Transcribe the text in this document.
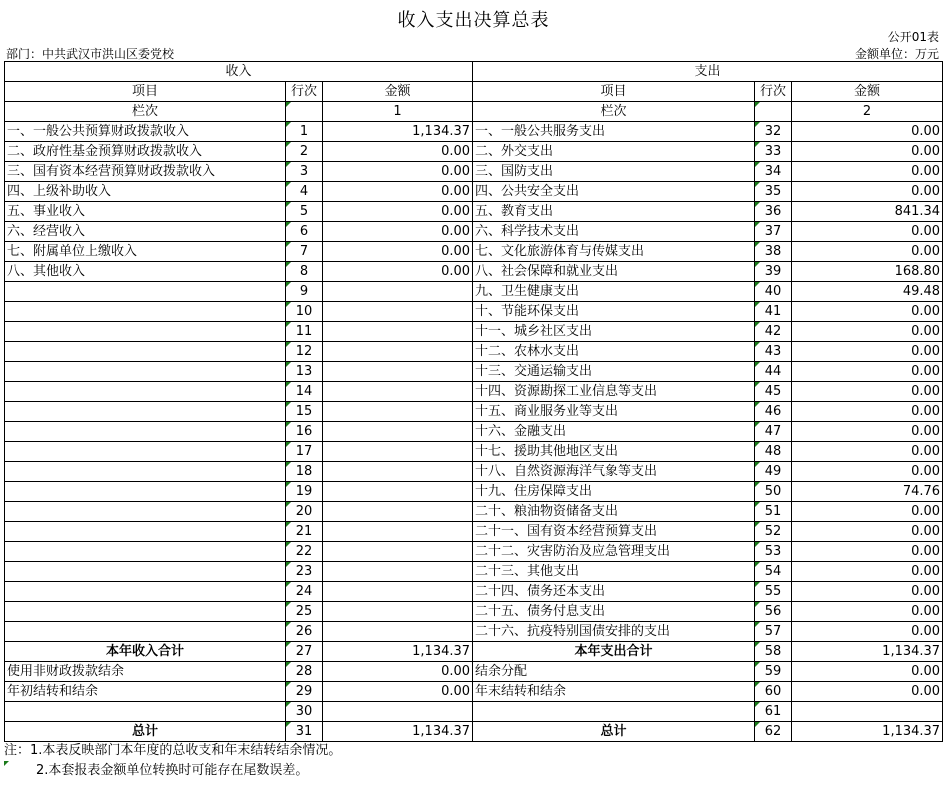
收入支出决算总表
公开01表
部门：中共武汉市洪山区委党校	金额单位：万元
收入			支出		
项目	行次	金额	项目	行次	金额
栏次		1	栏次		2
一、一般公共预算财政拨款收入	1	1,134.37	一、一般公共服务支出	32	0.00
二、政府性基金预算财政拨款收入	2	0.00	二、外交支出	33	0.00
三、国有资本经营预算财政拨款收入	3	0.00	三、国防支出	34	0.00
四、上级补助收入	4	0.00	四、公共安全支出	35	0.00
五、事业收入	5	0.00	五、教育支出	36	841.34
六、经营收入	6	0.00	六、科学技术支出	37	0.00
七、附属单位上缴收入	7	0.00	七、文化旅游体育与传媒支出	38	0.00
八、其他收入	8	0.00	八、社会保障和就业支出	39	168.80
	9		九、卫生健康支出	40	49.48
	10		十、节能环保支出	41	0.00
	11		十一、城乡社区支出	42	0.00
	12		十二、农林水支出	43	0.00
	13		十三、交通运输支出	44	0.00
	14		十四、资源勘探工业信息等支出	45	0.00
	15		十五、商业服务业等支出	46	0.00
	16		十六、金融支出	47	0.00
	17		十七、援助其他地区支出	48	0.00
	18		十八、自然资源海洋气象等支出	49	0.00
	19		十九、住房保障支出	50	74.76
	20		二十、粮油物资储备支出	51	0.00
	21		二十一、国有资本经营预算支出	52	0.00
	22		二十二、灾害防治及应急管理支出	53	0.00
	23		二十三、其他支出	54	0.00
	24		二十四、债务还本支出	55	0.00
	25		二十五、债务付息支出	56	0.00
	26		二十六、抗疫特别国债安排的支出	57	0.00
本年收入合计	27	1,134.37	本年支出合计	58	1,134.37
使用非财政拨款结余	28	0.00	结余分配	59	0.00
年初结转和结余	29	0.00	年末结转和结余	60	0.00
	30			61	
总计	31	1,134.37	总计	62	1,134.37
注：1.本表反映部门本年度的总收支和年末结转结余情况。
2.本套报表金额单位转换时可能存在尾数误差。
